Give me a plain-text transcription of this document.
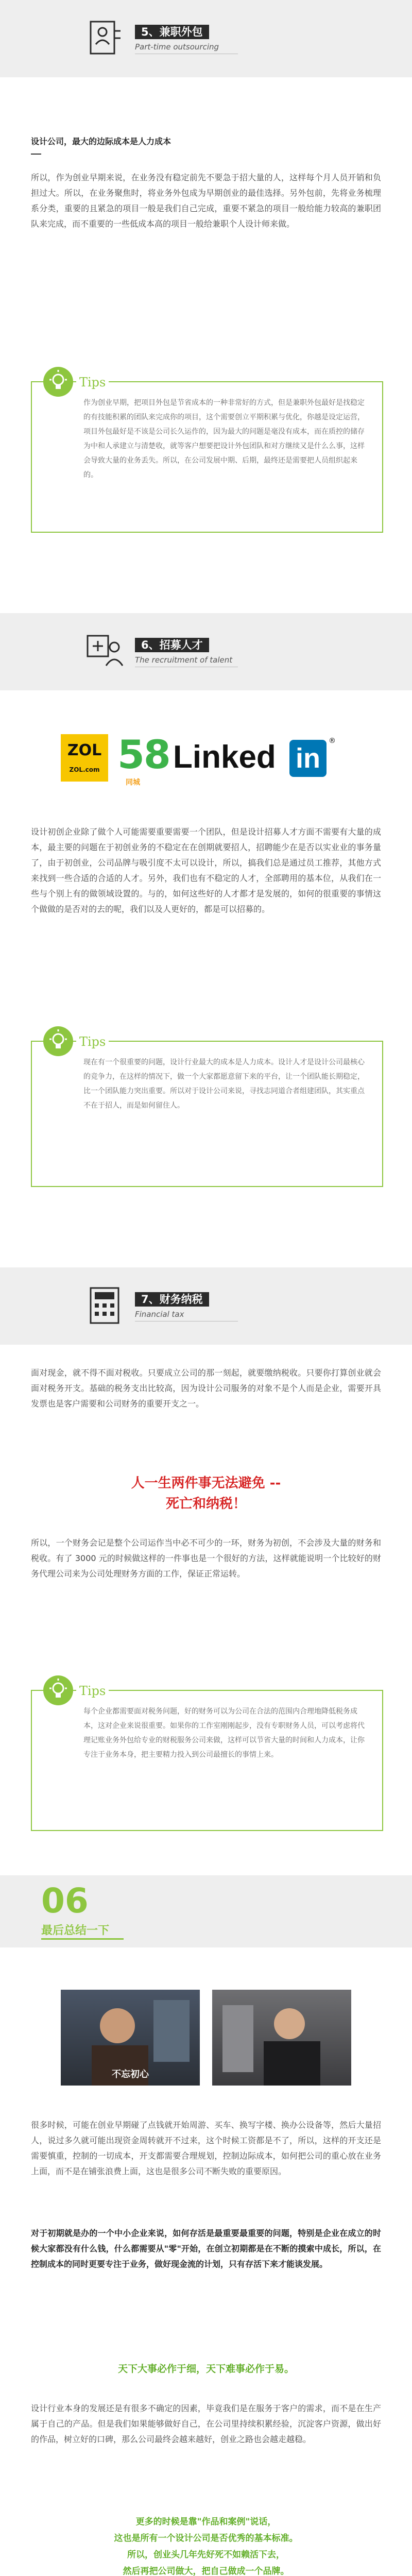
5、兼职外包
Part-time outsourcing

设计公司，最大的边际成本是人力成本

所以，作为创业早期来说，在业务没有稳定前先不要急于招大量的人，这样每个月人员开销和负担过大。所以，在业务聚焦时，将业务外包成为早期创业的最佳选择。另外包前，先将业务梳理系分类，重要的且紧急的项目一般是我们自己完成，重要不紧急的项目一般给能力较高的兼职团队来完成，而不重要的一些低成本高的项目一般给兼职个人设计师来做。

Tips
作为创业早期，把项目外包是节省成本的一种非常好的方式，但是兼职外包最好是找稳定的有技能积累的团队来完成你的项目，这个需要创立平期积累与优化，你越是设定运营，项目外包最好是不该是公司长久运作的，因为最大的问题是毫没有成本，而在质控的储存为中和人承建立与清楚收，就等客户想要把设计外包团队和对方继续又是什么么事，这样会导致大量的业务丢失。所以，在公司发展中期、后期，最终还是需要把人员组织起来的。
6、招募人才
The recruitment of talent
ZOL
ZOL.com 58
同城
Linked in
®

设计初创企业除了做个人可能需要重要需要一个团队，但是设计招募人才方面不需要有大量的成本，最主要的问题在于初创业务的不稳定在在创期就要招人，招聘能少在是否以实业业的事务量了，由于初创业，公司品牌与吸引度不太可以设计，所以，搞我们总是通过员工推荐，其他方式来找到一些合适的合适的人才。另外，我们也有不稳定的人才，全部聘用的基本位，从我们在一些与个别上有的做领域设置的。与的，如何这些好的人才都才是发展的，如何的很重要的事情这个做做的是否对的去的呢，我们以及人更好的，都是可以招募的。

Tips
现在有一个很重要的问题，设计行业最大的成本是人力成本。设计人才是设计公司最核心的竞争力，在这样的情况下，做一个大家都愿意留下来的平台，让一个团队能长期稳定，比一个团队能力突出重要。所以对于设计公司来说，寻找志同道合者组建团队，其实重点不在于招人，而是如何留住人。
7、财务纳税
Financial tax

面对现金，就不得不面对税收。只要成立公司的那一刻起，就要缴纳税收。只要你打算创业就会面对税务开支。基础的税务支出比较高，因为设计公司服务的对象不是个人而是企业，需要开具发票也是客户需要和公司财务的重要开支之一。

人一生两件事无法避免 --
死亡和纳税！

所以，一个财务会记是整个公司运作当中必不可少的一环，财务为初创，不会涉及大量的财务和税收。有了 3000 元的时候做这样的一件事也是一个很好的方法，这样就能说明一个比较好的财务代理公司来为公司处理财务方面的工作，保证正常运转。

Tips
每个企业都需要面对税务问题，好的财务可以为公司在合法的范围内合理地降低税务成本，这对企业来说很重要。如果你的工作室刚刚起步，没有专职财务人员，可以考虑将代理记账业务外包给专业的财税服务公司来做，这样可以节省大量的时间和人力成本，让你专注于业务本身，把主要精力投入到公司最擅长的事情上来。
06
最后总结一下
不忘初心

很多时候，可能在创业早期碰了点钱就开始周游、买车、换写字楼、换办公设备等，然后大量招人，说过多久就可能出现资金周转就开不过来，这个时候工资都是不了，所以，这样的开支还是需要慎重，控制的一切成本，开支都需要合理规划，控制边际成本，如何把公司的重心放在业务上面，而不是在铺张浪费上面，这也是很多公司不断失败的重要原因。

对于初期就是办的一个中小企业来说，如何存活是最重要最重要的问题，特别是企业在成立的时候大家都没有什么钱，什么都需要从"零"开始，在创立初期都是在不断的摸索中成长，所以，在控制成本的同时更要专注于业务，做好现金流的计划，只有存活下来才能谈发展。

天下大事必作于细，天下难事必作于易。

设计行业本身的发展还是有很多不确定的因素，毕竟我们是在服务于客户的需求，而不是在生产属于自己的产品。但是我们如果能够做好自己，在公司里持续积累经验，沉淀客户资源，做出好的作品，树立好的口碑，那么公司最终会越来越好，创业之路也会越走越稳。

更多的时候是靠"作品和案例"说话，
这也是所有一个设计公司是否优秀的基本标准。
所以，创业头几年先好死不如赖活下去，
然后再把公司做大，把自己做成一个品牌。
